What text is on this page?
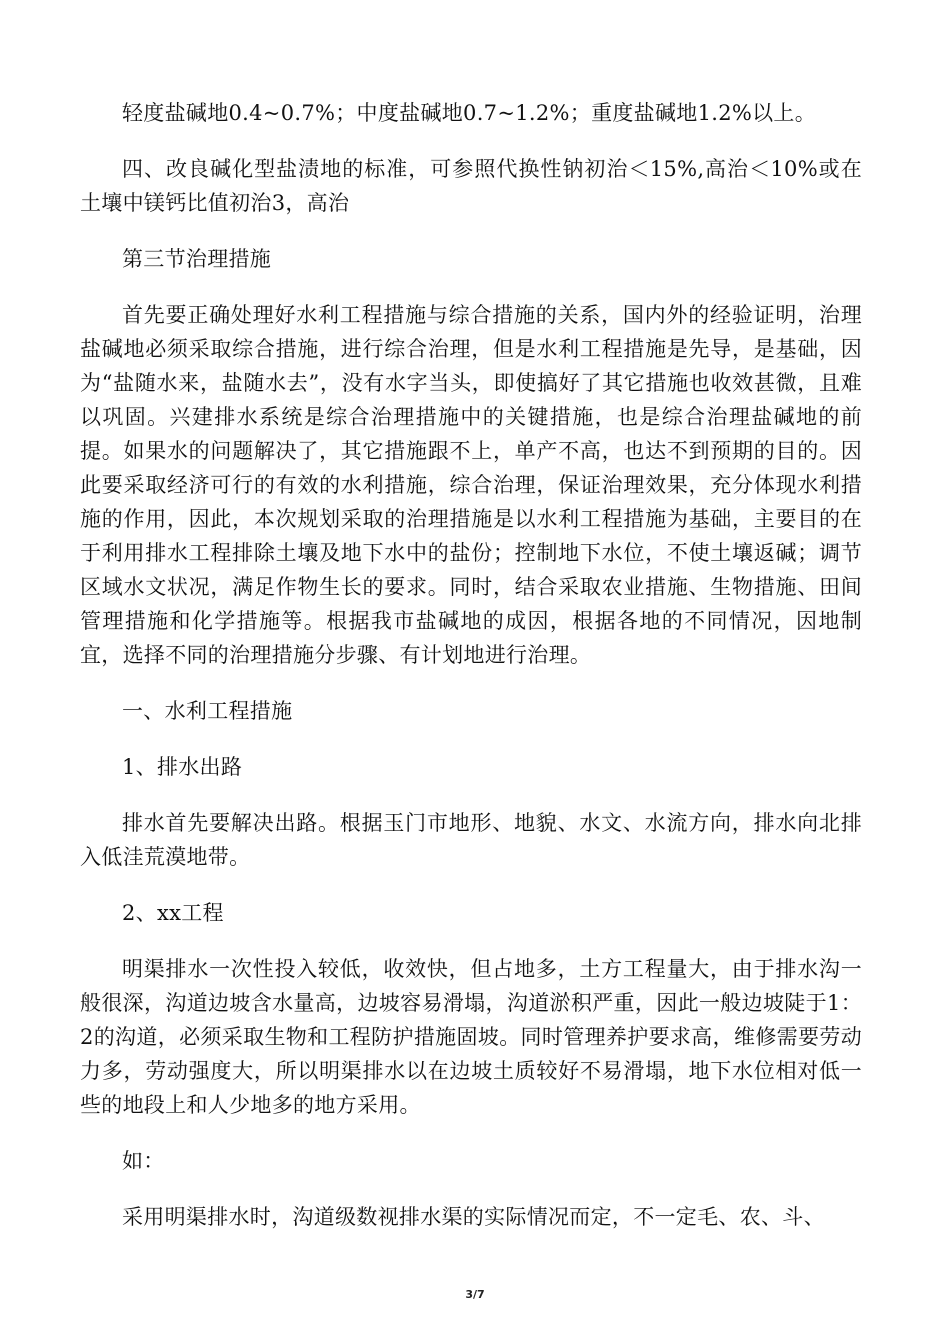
轻度盐碱地0.4~0.7%；中度盐碱地0.7~1.2%；重度盐碱地1.2%以上。

四、改良碱化型盐渍地的标准，可参照代换性钠初治＜15%,高治＜10%或在土壤中镁钙比值初治3，高治

第三节治理措施

首先要正确处理好水利工程措施与综合措施的关系，国内外的经验证明，治理盐碱地必须采取综合措施，进行综合治理，但是水利工程措施是先导，是基础，因为“盐随水来，盐随水去”，没有水字当头，即使搞好了其它措施也收效甚微，且难以巩固。兴建排水系统是综合治理措施中的关键措施，也是综合治理盐碱地的前提。如果水的问题解决了，其它措施跟不上，单产不高，也达不到预期的目的。因此要采取经济可行的有效的水利措施，综合治理，保证治理效果，充分体现水利措施的作用，因此，本次规划采取的治理措施是以水利工程措施为基础，主要目的在于利用排水工程排除土壤及地下水中的盐份；控制地下水位，不使土壤返碱；调节区域水文状况，满足作物生长的要求。同时，结合采取农业措施、生物措施、田间管理措施和化学措施等。根据我市盐碱地的成因，根据各地的不同情况，因地制宜，选择不同的治理措施分步骤、有计划地进行治理。

一、水利工程措施

1、排水出路

排水首先要解决出路。根据玉门市地形、地貌、水文、水流方向，排水向北排入低洼荒漠地带。

2、xx工程

明渠排水一次性投入较低，收效快，但占地多，土方工程量大，由于排水沟一般很深，沟道边坡含水量高，边坡容易滑塌，沟道淤积严重，因此一般边坡陡于1：2的沟道，必须采取生物和工程防护措施固坡。同时管理养护要求高，维修需要劳动力多，劳动强度大，所以明渠排水以在边坡土质较好不易滑塌，地下水位相对低一些的地段上和人少地多的地方采用。

如：

采用明渠排水时，沟道级数视排水渠的实际情况而定，不一定毛、农、斗、

3/7
